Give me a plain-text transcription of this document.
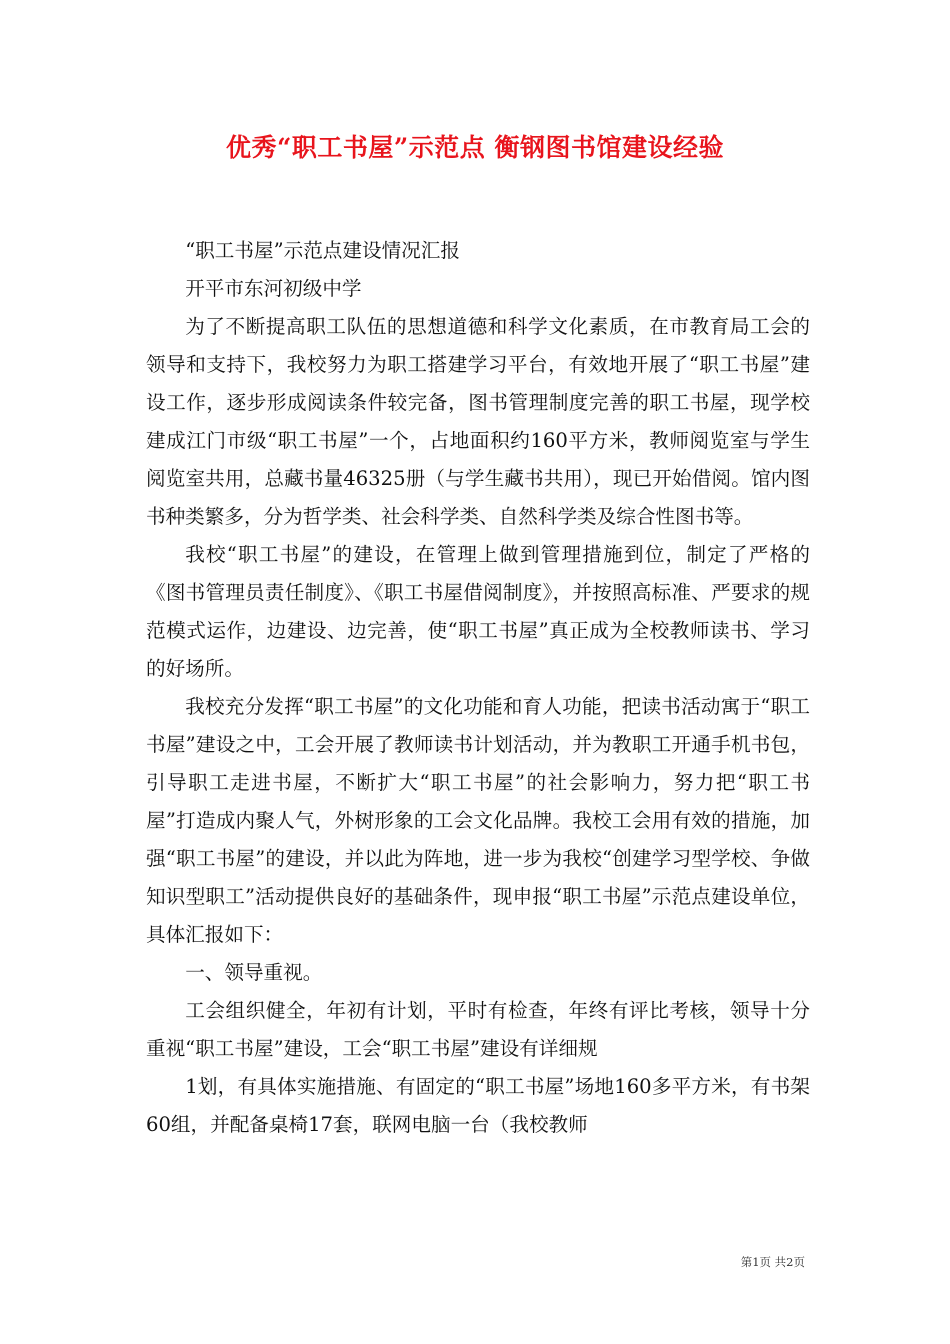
优秀“职工书屋”示范点 衡钢图书馆建设经验

“职工书屋”示范点建设情况汇报

开平市东河初级中学

为了不断提高职工队伍的思想道德和科学文化素质，在市教育局工会的领导和支持下，我校努力为职工搭建学习平台，有效地开展了“职工书屋”建设工作，逐步形成阅读条件较完备，图书管理制度完善的职工书屋，现学校建成江门市级“职工书屋”一个，占地面积约160平方米，教师阅览室与学生阅览室共用，总藏书量46325册（与学生藏书共用），现已开始借阅。馆内图书种类繁多，分为哲学类、社会科学类、自然科学类及综合性图书等。

我校“职工书屋”的建设，在管理上做到管理措施到位，制定了严格的《图书管理员责任制度》、《职工书屋借阅制度》，并按照高标准、严要求的规范模式运作，边建设、边完善，使“职工书屋”真正成为全校教师读书、学习的好场所。

我校充分发挥“职工书屋”的文化功能和育人功能，把读书活动寓于“职工书屋”建设之中，工会开展了教师读书计划活动，并为教职工开通手机书包，引导职工走进书屋，不断扩大“职工书屋”的社会影响力，努力把“职工书屋”打造成内聚人气，外树形象的工会文化品牌。我校工会用有效的措施，加强“职工书屋”的建设，并以此为阵地，进一步为我校“创建学习型学校、争做知识型职工”活动提供良好的基础条件，现申报“职工书屋”示范点建设单位，具体汇报如下：

一、领导重视。

工会组织健全，年初有计划，平时有检查，年终有评比考核，领导十分重视“职工书屋”建设，工会“职工书屋”建设有详细规

1划，有具体实施措施、有固定的“职工书屋”场地160多平方米，有书架60组，并配备桌椅17套，联网电脑一台（我校教师

第1页 共2页
